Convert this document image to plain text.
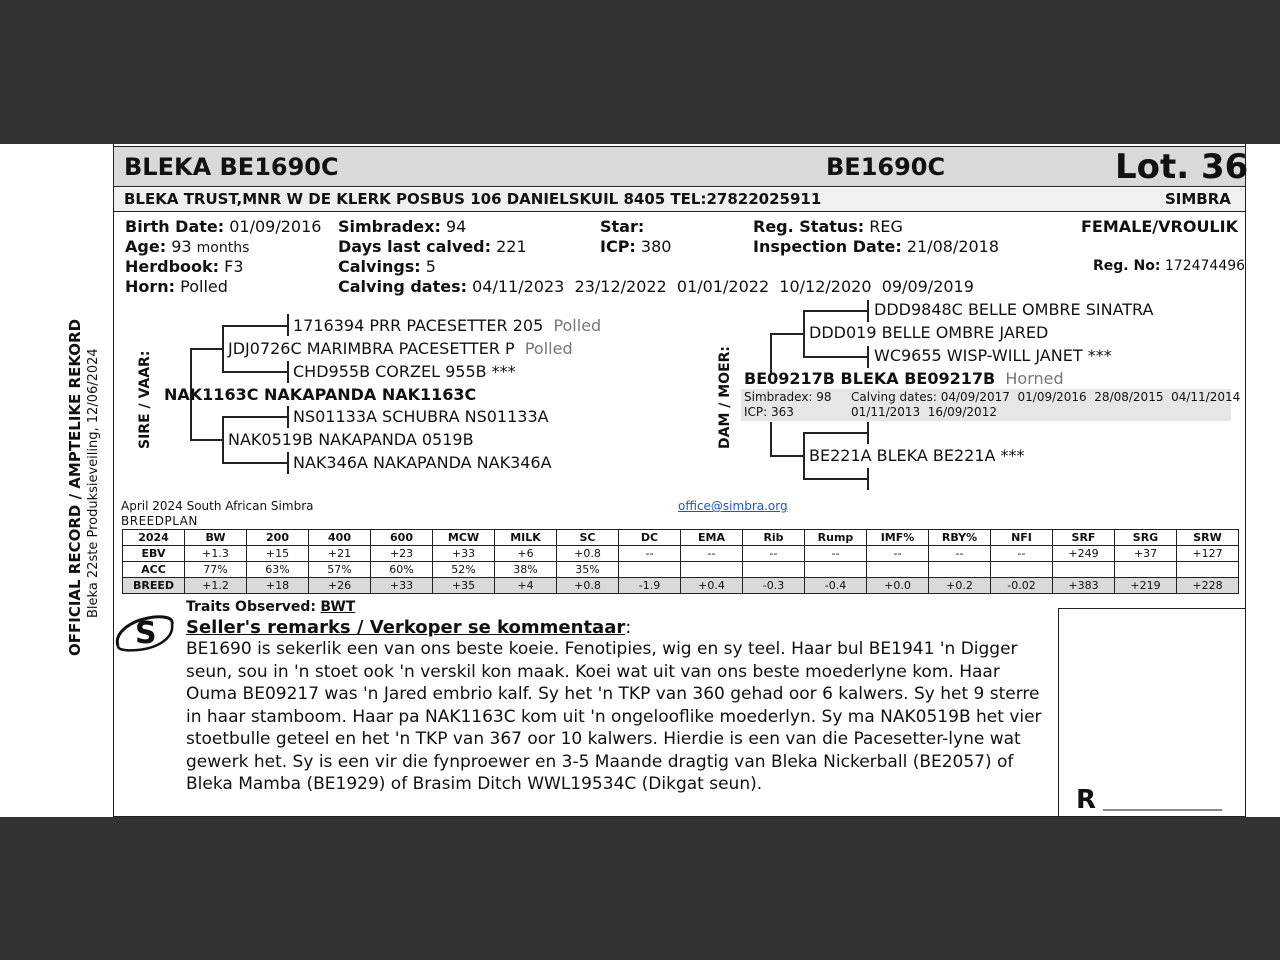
BLEKA BE1690C	BE1690C	Lot. 36
BLEKA TRUST,MNR W DE KLERK POSBUS 106 DANIELSKUIL 8405 TEL:27822025911	SIMBRA
Birth Date: 01/09/2016
Age: 93 months
Herdbook: F3
Horn: Polled
Simbradex: 94
Days last calved: 221
Calvings: 5
Calving dates: 04/11/2023  23/12/2022  01/01/2022  10/12/2020  09/09/2019
Star:
ICP: 380
Reg. Status: REG
Inspection Date: 21/08/2018
FEMALE/VROULIK
Reg. No: 172474496
OFFICIAL RECORD / AMPTELIKE REKORD Bleka 22ste Produksieveiling, 12/06/2024	SIRE / VAAR:
1716394 PRR PACESETTER 205 Polled
JDJ0726C MARIMBRA PACESETTER P Polled
CHD955B CORZEL 955B ***
NAK1163C NAKAPANDA NAK1163C
NS01133A SCHUBRA NS01133A
NAK0519B NAKAPANDA 0519B
NAK346A NAKAPANDA NAK346A
DAM / MOER:
DDD9848C BELLE OMBRE SINATRA
DDD019 BELLE OMBRE JARED
WC9655 WISP-WILL JANET ***
BE09217B BLEKA BE09217B Horned
Simbradex: 98
ICP: 363
Calving dates: 04/09/2017  01/09/2016  28/08/2015  04/11/2014
01/11/2013  16/09/2012
BE221A BLEKA BE221A ***
April 2024 South African Simbra
BREEDPLAN
office@simbra.org
2024	BW	200	400	600	MCW	MILK	SC	DC	EMA	Rib	Rump	IMF%	RBY%	NFI	SRF	SRG	SRW
EBV	+1.3	+15	+21	+23	+33	+6	+0.8	--	--	--	--	--	--	--	+249	+37	+127
ACC	77%	63%	57%	60%	52%	38%	35%										
BREED	+1.2	+18	+26	+33	+35	+4	+0.8	-1.9	+0.4	-0.3	-0.4	+0.0	+0.2	-0.02	+383	+219	+228
S
Traits Observed: BWT
Seller's remarks / Verkoper se kommentaar:
BE1690 is sekerlik een van ons beste koeie. Fenotipies, wig en sy teel. Haar bul BE1941 'n Digger seun, sou in 'n stoet ook 'n verskil kon maak. Koei wat uit van ons beste moederlyne kom. Haar Ouma BE09217 was 'n Jared embrio kalf. Sy het 'n TKP van 360 gehad oor 6 kalwers. Sy het 9 sterre in haar stamboom. Haar pa NAK1163C kom uit 'n ongelooflike moederlyn. Sy ma NAK0519B het vier stoetbulle geteel en het 'n TKP van 367 oor 10 kalwers. Hierdie is een van die Pacesetter-lyne wat gewerk het. Sy is een vir die fynproewer en 3-5 Maande dragtig van Bleka Nickerball (BE2057) of Bleka Mamba (BE1929) of Brasim Ditch WWL19534C (Dikgat seun).
R _________________
